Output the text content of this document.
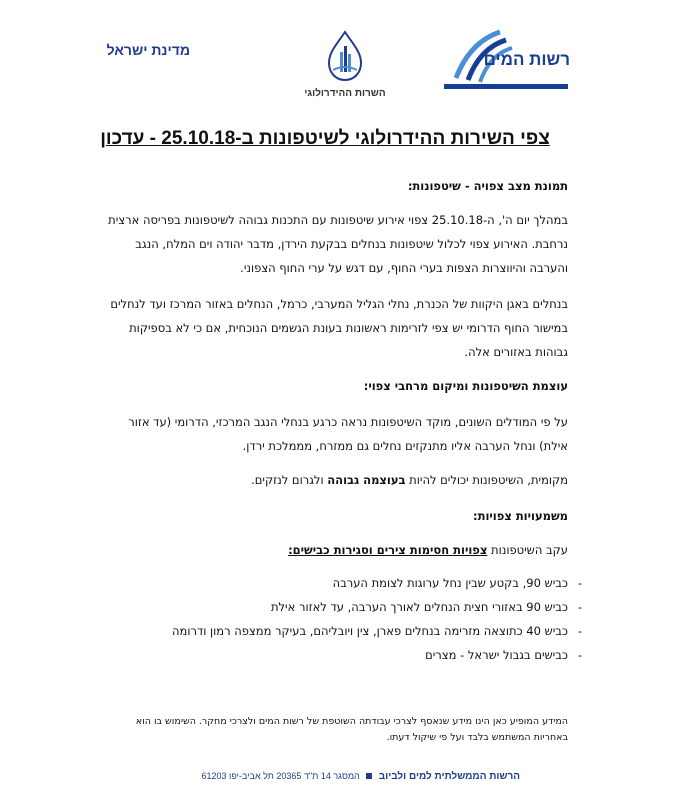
מדינת ישראל
השרות ההידרולוגי
רשות המים
צפי השירות ההידרולוגי לשיטפונות ב-25.10.18 - עדכון
תמונת מצב צפויה - שיטפונות:
במהלך יום ה', ה-25.10.18 צפוי אירוע שיטפונות עם התכנות גבוהה לשיטפונות בפריסה ארצית נרחבת. האירוע צפוי לכלול שיטפונות בנחלים בבקעת הירדן, מדבר יהודה וים המלח, הנגב והערבה והיווצרות הצפות בערי החוף, עם דגש על ערי החוף הצפוני.
בנחלים באגן היקוות של הכנרת, נחלי הגליל המערבי, כרמל, הנחלים באזור המרכז ועד לנחלים במישור החוף הדרומי יש צפי לזרימות ראשונות בעונת הגשמים הנוכחית, אם כי לא בספיקות גבוהות באזורים אלה.
עוצמת השיטפונות ומיקום מרחבי צפוי:
על פי המודלים השונים, מוקד השיטפונות נראה כרגע בנחלי הנגב המרכזי, הדרומי (עד אזור אילת) ונחל הערבה אליו מתנקזים נחלים גם ממזרח, מממלכת ירדן.
מקומית, השיטפונות יכולים להיות בעוצמה גבוהה ולגרום לנזקים.
משמעויות צפויות:
עקב השיטפונות צפויות חסימות צירים וסגירות כבישים:
-
כביש 90, בקטע שבין נחל ערוגות לצומת הערבה
-
כביש 90 באזורי חצית הנחלים לאורך הערבה, עד לאזור אילת
-
כביש 40 כתוצאה מזרימה בנחלים פארן, צין ויובליהם, בעיקר ממצפה רמון ודרומה
-
כבישים בגבול ישראל - מצרים
המידע המופיע כאן הינו מידע שנאסף לצרכי עבודתה השוטפת של רשות המים ולצרכי מחקר. השימוש בו הוא באחריות המשתמש בלבד ועל פי שיקול דעתו.
הרשות הממשלתית למים ולביוב  המסגר 14 ת"ד 20365 תל אביב-יפו 61203
